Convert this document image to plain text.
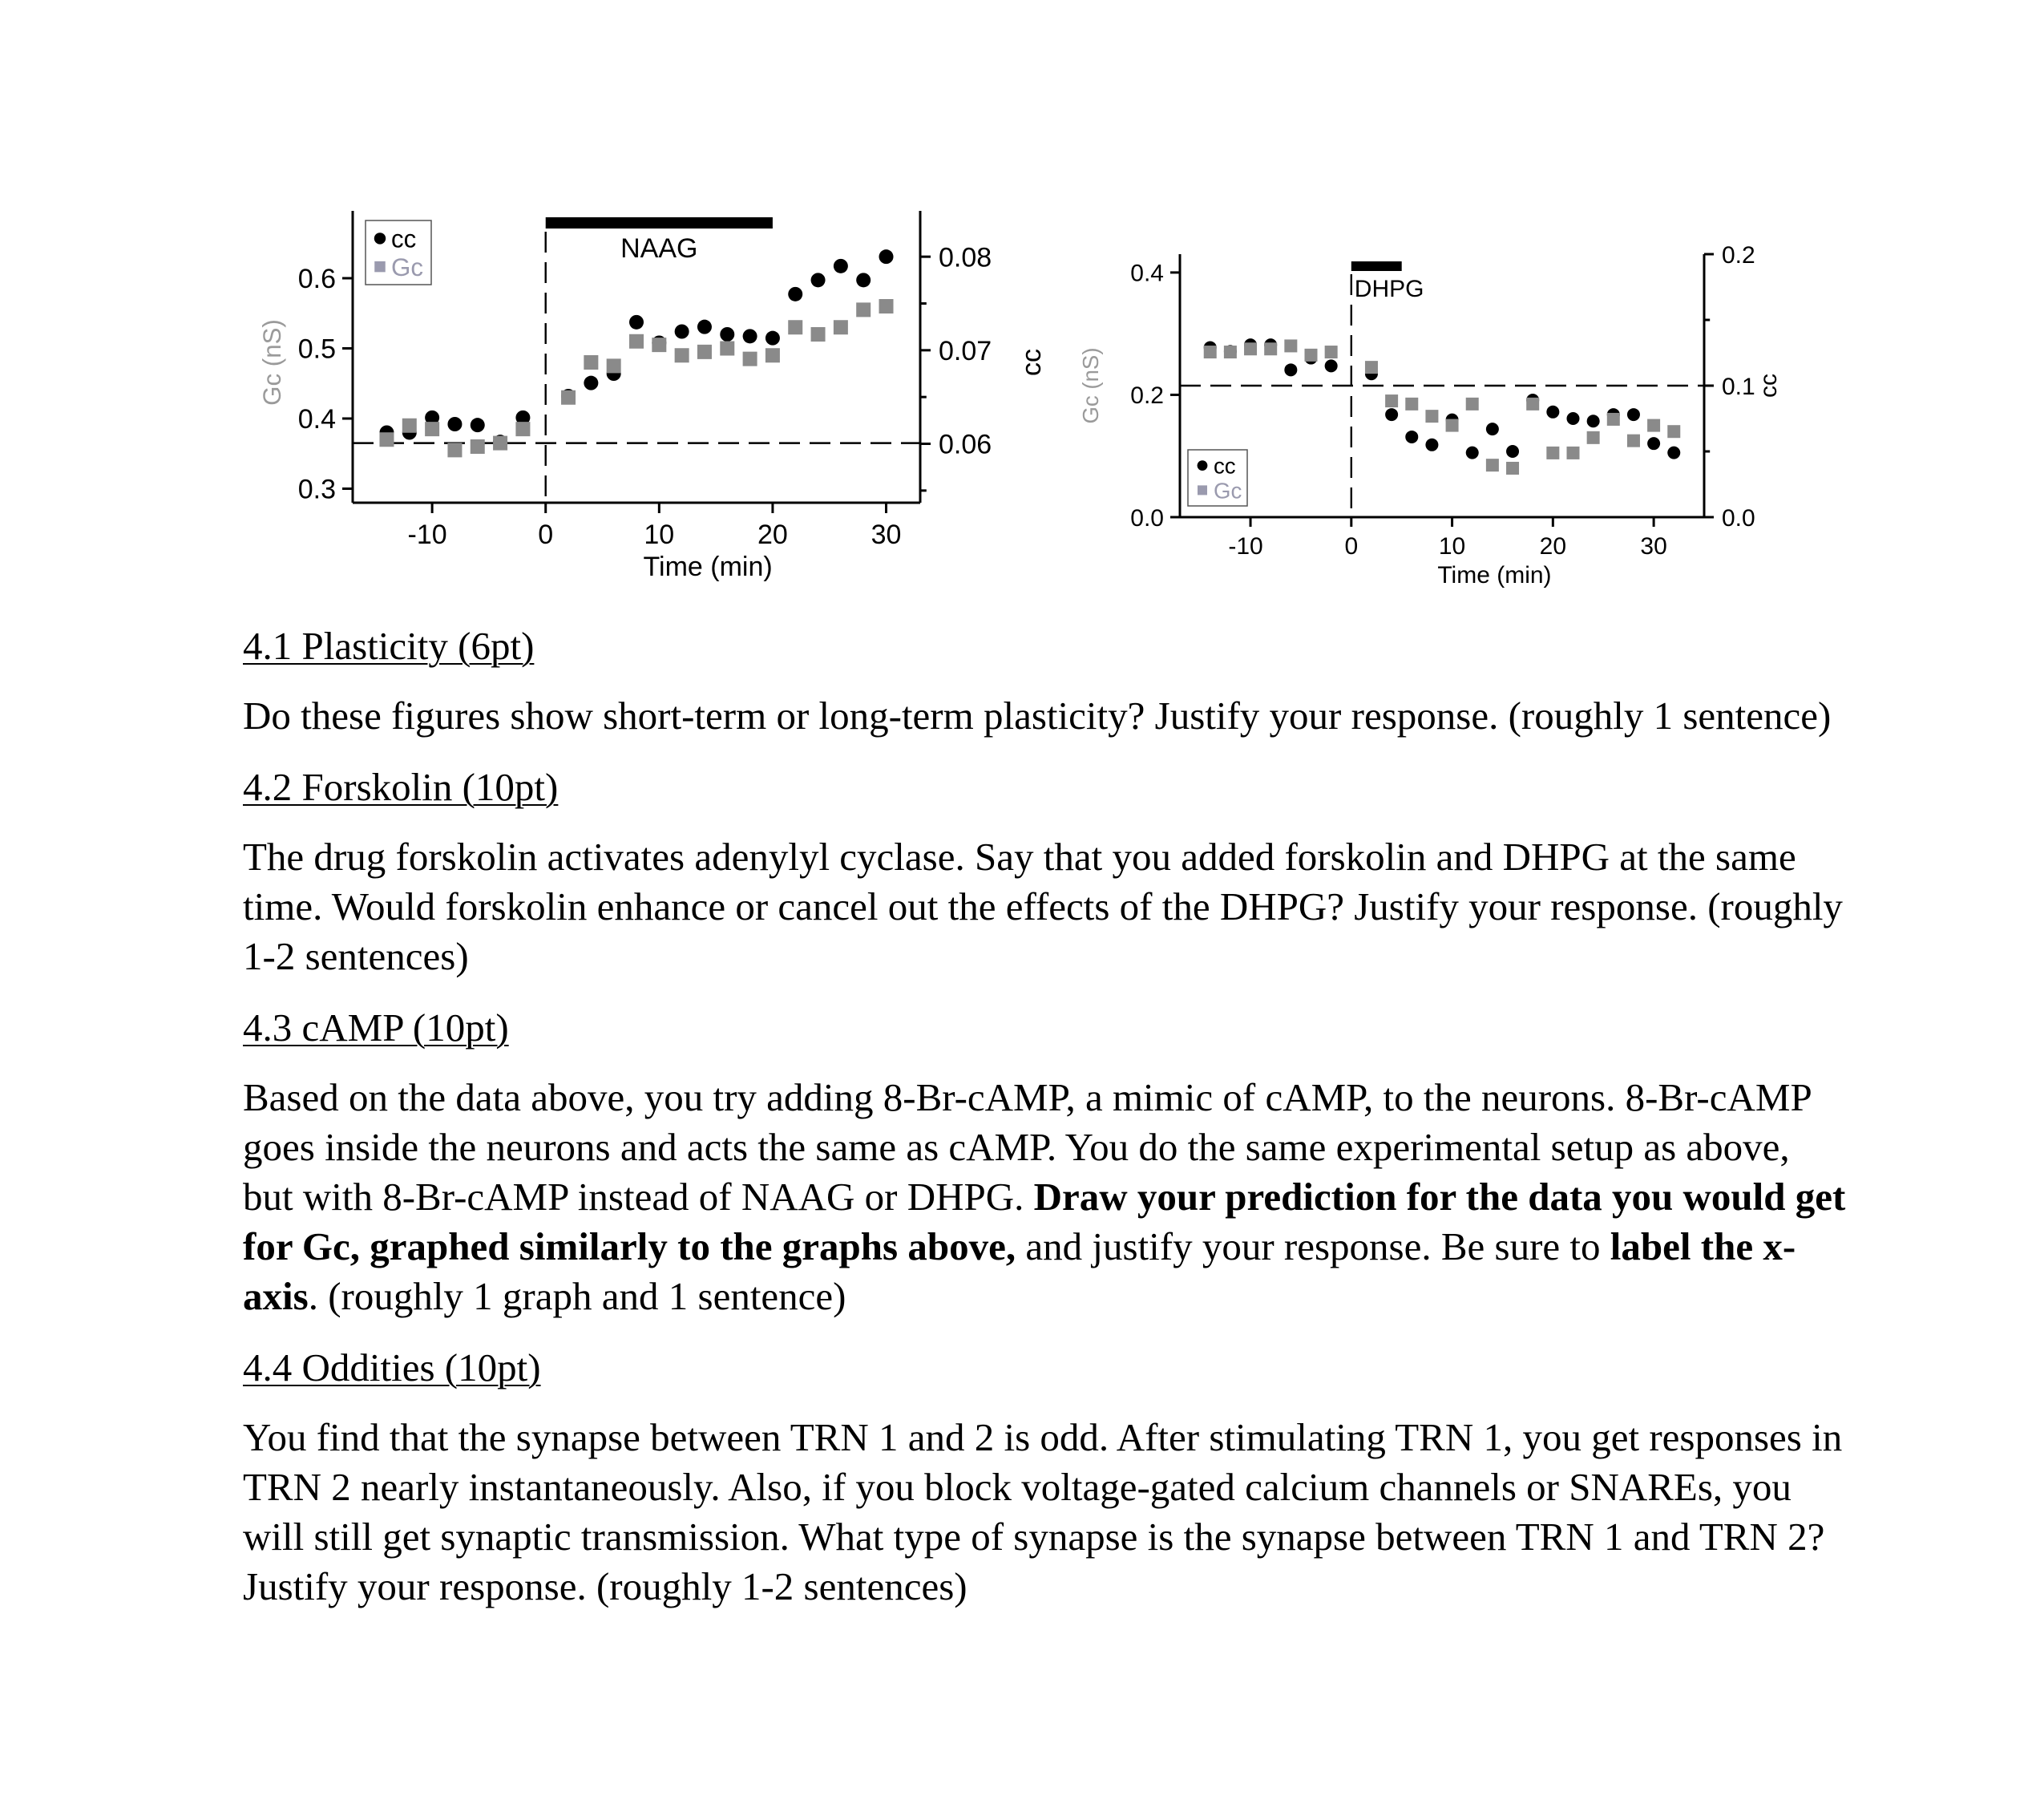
-10	0	10	20	30
Time (min)
0.3
0.4
0.5
0.6
Gc (nS)
0.06
0.07
0.08
cc
NAAG
cc
Gc
-10	0	10	20	30
Time (min)
0.0
0.2
0.4
Gc (nS)
0.0
0.1
0.2
cc
DHPG
cc
Gc
4.1 Plasticity (6pt)

Do these figures show short-term or long-term plasticity? Justify your response. (roughly 1 sentence)

4.2 Forskolin (10pt)

The drug forskolin activates adenylyl cyclase. Say that you added forskolin and DHPG at the same time. Would forskolin enhance or cancel out the effects of the DHPG? Justify your response. (roughly 1-2 sentences)

4.3 cAMP (10pt)

Based on the data above, you try adding 8-Br-cAMP, a mimic of cAMP, to the neurons. 8-Br-cAMP goes inside the neurons and acts the same as cAMP. You do the same experimental setup as above, but with 8-Br-cAMP instead of NAAG or DHPG. Draw your prediction for the data you would get for Gc, graphed similarly to the graphs above, and justify your response. Be sure to label the x-axis. (roughly 1 graph and 1 sentence)

4.4 Oddities (10pt)

You find that the synapse between TRN 1 and 2 is odd. After stimulating TRN 1, you get responses in TRN 2 nearly instantaneously. Also, if you block voltage-gated calcium channels or SNAREs, you will still get synaptic transmission. What type of synapse is the synapse between TRN 1 and TRN 2? Justify your response. (roughly 1-2 sentences)
